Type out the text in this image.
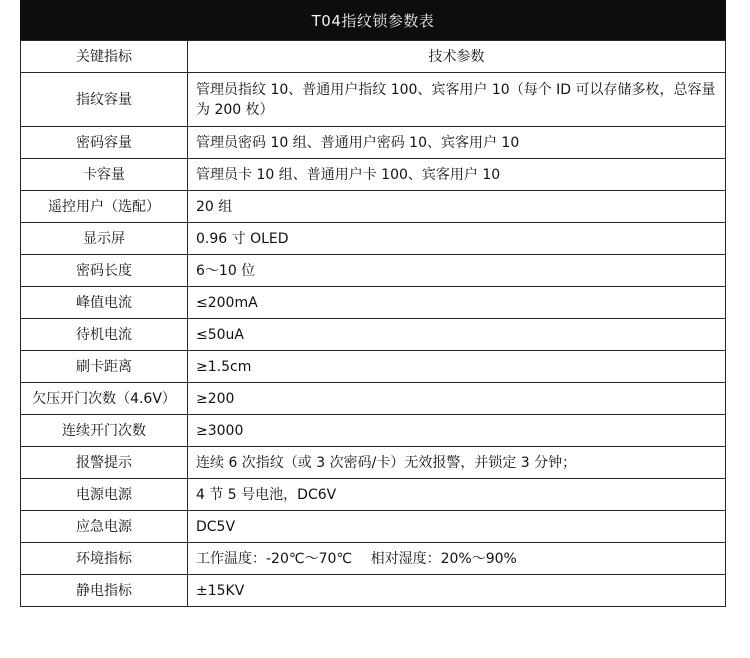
T04指纹锁参数表
关键指标	技术参数
指纹容量	管理员指纹 10、普通用户指纹 100、宾客用户 10（每个 ID 可以存储多枚，总容量为 200 枚）
密码容量	管理员密码 10 组、普通用户密码 10、宾客用户 10
卡容量	管理员卡 10 组、普通用户卡 100、宾客用户 10
遥控用户（选配）	20 组
显示屏	0.96 寸 OLED
密码长度	6～10 位
峰值电流	≤200mA
待机电流	≤50uA
刷卡距离	≥1.5cm
欠压开门次数（4.6V）	≥200
连续开门次数	≥3000
报警提示	连续 6 次指纹（或 3 次密码/卡）无效报警，并锁定 3 分钟；
电源电源	4 节 5 号电池，DC6V
应急电源	DC5V
环境指标	工作温度：-20℃～70℃　 相对湿度：20%～90%
静电指标	±15KV
